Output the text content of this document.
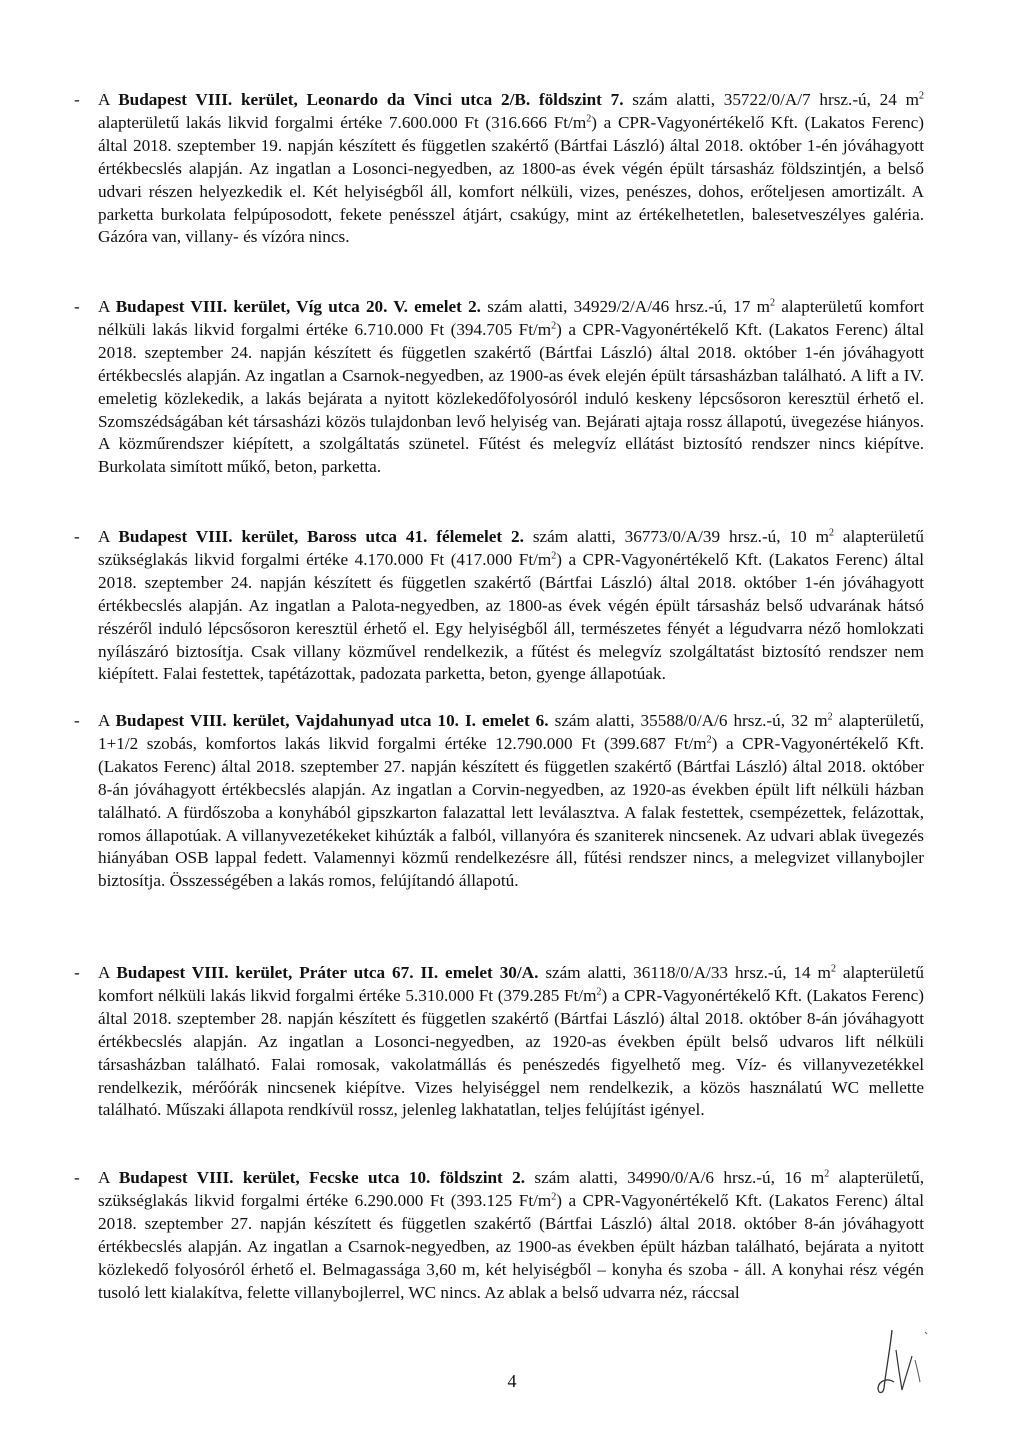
- A Budapest VIII. kerület, Leonardo da Vinci utca 2/B. földszint 7. szám alatti, 35722/0/A/7 hrsz.-ú, 24 $m^2$ alapterületű lakás likvid forgalmi értéke 7.600.000 Ft (316.666 $Ft/m^2$) a CPR-Vagyonértékelő Kft. (Lakatos Ferenc) által 2018. szeptember 19. napján készített és független szakértő (Bártfai László) által 2018. október 1-én jóváhagyott értékbecslés alapján. Az ingatlan a Losonci-negyedben, az 1800-as évek végén épült társasház földszintjén, a belső udvari részen helyezkedik el. Két helyiségből áll, komfort nélküli, vizes, penészes, dohos, erőteljesen amortizált. A parketta burkolata felpúposodott, fekete penésszel átjárt, csakúgy, mint az értékelhetetlen, balesetveszélyes galéria. Gázóra van, villany- és vízóra nincs.

- A Budapest VIII. kerület, Víg utca 20. V. emelet 2. szám alatti, 34929/2/A/46 hrsz.-ú, 17 $m^2$ alapterületű komfort nélküli lakás likvid forgalmi értéke 6.710.000 Ft (394.705 $Ft/m^2$) a CPR-Vagyonértékelő Kft. (Lakatos Ferenc) által 2018. szeptember 24. napján készített és független szakértő (Bártfai László) által 2018. október 1-én jóváhagyott értékbecslés alapján. Az ingatlan a Csarnok-negyedben, az 1900-as évek elején épült társasházban található. A lift a IV. emeletig közlekedik, a lakás bejárata a nyitott közlekedőfolyosóról induló keskeny lépcsősoron keresztül érhető el. Szomszédságában két társasházi közös tulajdonban levő helyiség van. Bejárati ajtaja rossz állapotú, üvegezése hiányos. A közműrendszer kiépített, a szolgáltatás szünetel. Fűtést és melegvíz ellátást biztosító rendszer nincs kiépítve. Burkolata simított műkő, beton, parketta.

- A Budapest VIII. kerület, Baross utca 41. félemelet 2. szám alatti, 36773/0/A/39 hrsz.-ú, 10 $m^2$ alapterületű szükséglakás likvid forgalmi értéke 4.170.000 Ft (417.000 $Ft/m^2$) a CPR-Vagyonértékelő Kft. (Lakatos Ferenc) által 2018. szeptember 24. napján készített és független szakértő (Bártfai László) által 2018. október 1-én jóváhagyott értékbecslés alapján. Az ingatlan a Palota-negyedben, az 1800-as évek végén épült társasház belső udvarának hátsó részéről induló lépcsősoron keresztül érhető el. Egy helyiségből áll, természetes fényét a légudvarra néző homlokzati nyílászáró biztosítja. Csak villany közművel rendelkezik, a fűtést és melegvíz szolgáltatást biztosító rendszer nem kiépített. Falai festettek, tapétázottak, padozata parketta, beton, gyenge állapotúak.

- A Budapest VIII. kerület, Vajdahunyad utca 10. I. emelet 6. szám alatti, 35588/0/A/6 hrsz.-ú, 32 $m^2$ alapterületű, 1+1/2 szobás, komfortos lakás likvid forgalmi értéke 12.790.000 Ft (399.687 $Ft/m^2$) a CPR-Vagyonértékelő Kft. (Lakatos Ferenc) által 2018. szeptember 27. napján készített és független szakértő (Bártfai László) által 2018. október 8-án jóváhagyott értékbecslés alapján. Az ingatlan a Corvin-negyedben, az 1920-as években épült lift nélküli házban található. A fürdőszoba a konyhából gipszkarton falazattal lett leválasztva. A falak festettek, csempézettek, felázottak, romos állapotúak. A villanyvezetékeket kihúzták a falból, villanyóra és szaniterek nincsenek. Az udvari ablak üvegezés hiányában OSB lappal fedett. Valamennyi közmű rendelkezésre áll, fűtési rendszer nincs, a melegvizet villanybojler biztosítja. Összességében a lakás romos, felújítandó állapotú.

- A Budapest VIII. kerület, Práter utca 67. II. emelet 30/A. szám alatti, 36118/0/A/33 hrsz.-ú, 14 $m^2$ alapterületű komfort nélküli lakás likvid forgalmi értéke 5.310.000 Ft (379.285 $Ft/m^2$) a CPR-Vagyonértékelő Kft. (Lakatos Ferenc) által 2018. szeptember 28. napján készített és független szakértő (Bártfai László) által 2018. október 8-án jóváhagyott értékbecslés alapján. Az ingatlan a Losonci-negyedben, az 1920-as években épült belső udvaros lift nélküli társasházban található. Falai romosak, vakolatmállás és penészedés figyelhető meg. Víz- és villanyvezetékkel rendelkezik, mérőórák nincsenek kiépítve. Vizes helyiséggel nem rendelkezik, a közös használatú WC mellette található. Műszaki állapota rendkívül rossz, jelenleg lakhatatlan, teljes felújítást igényel.

- A Budapest VIII. kerület, Fecske utca 10. földszint 2. szám alatti, 34990/0/A/6 hrsz.-ú, 16 $m^2$ alapterületű, szükséglakás likvid forgalmi értéke 6.290.000 Ft (393.125 $Ft/m^2$) a CPR-Vagyonértékelő Kft. (Lakatos Ferenc) által 2018. szeptember 27. napján készített és független szakértő (Bártfai László) által 2018. október 8-án jóváhagyott értékbecslés alapján. Az ingatlan a Csarnok-negyedben, az 1900-as években épült házban található, bejárata a nyitott közlekedő folyosóról érhető el. Belmagassága 3,60 m, két helyiségből – konyha és szoba - áll. A konyhai rész végén tusoló lett kialakítva, felette villanybojlerrel, WC nincs. Az ablak a belső udvarra néz, ráccsal

4
